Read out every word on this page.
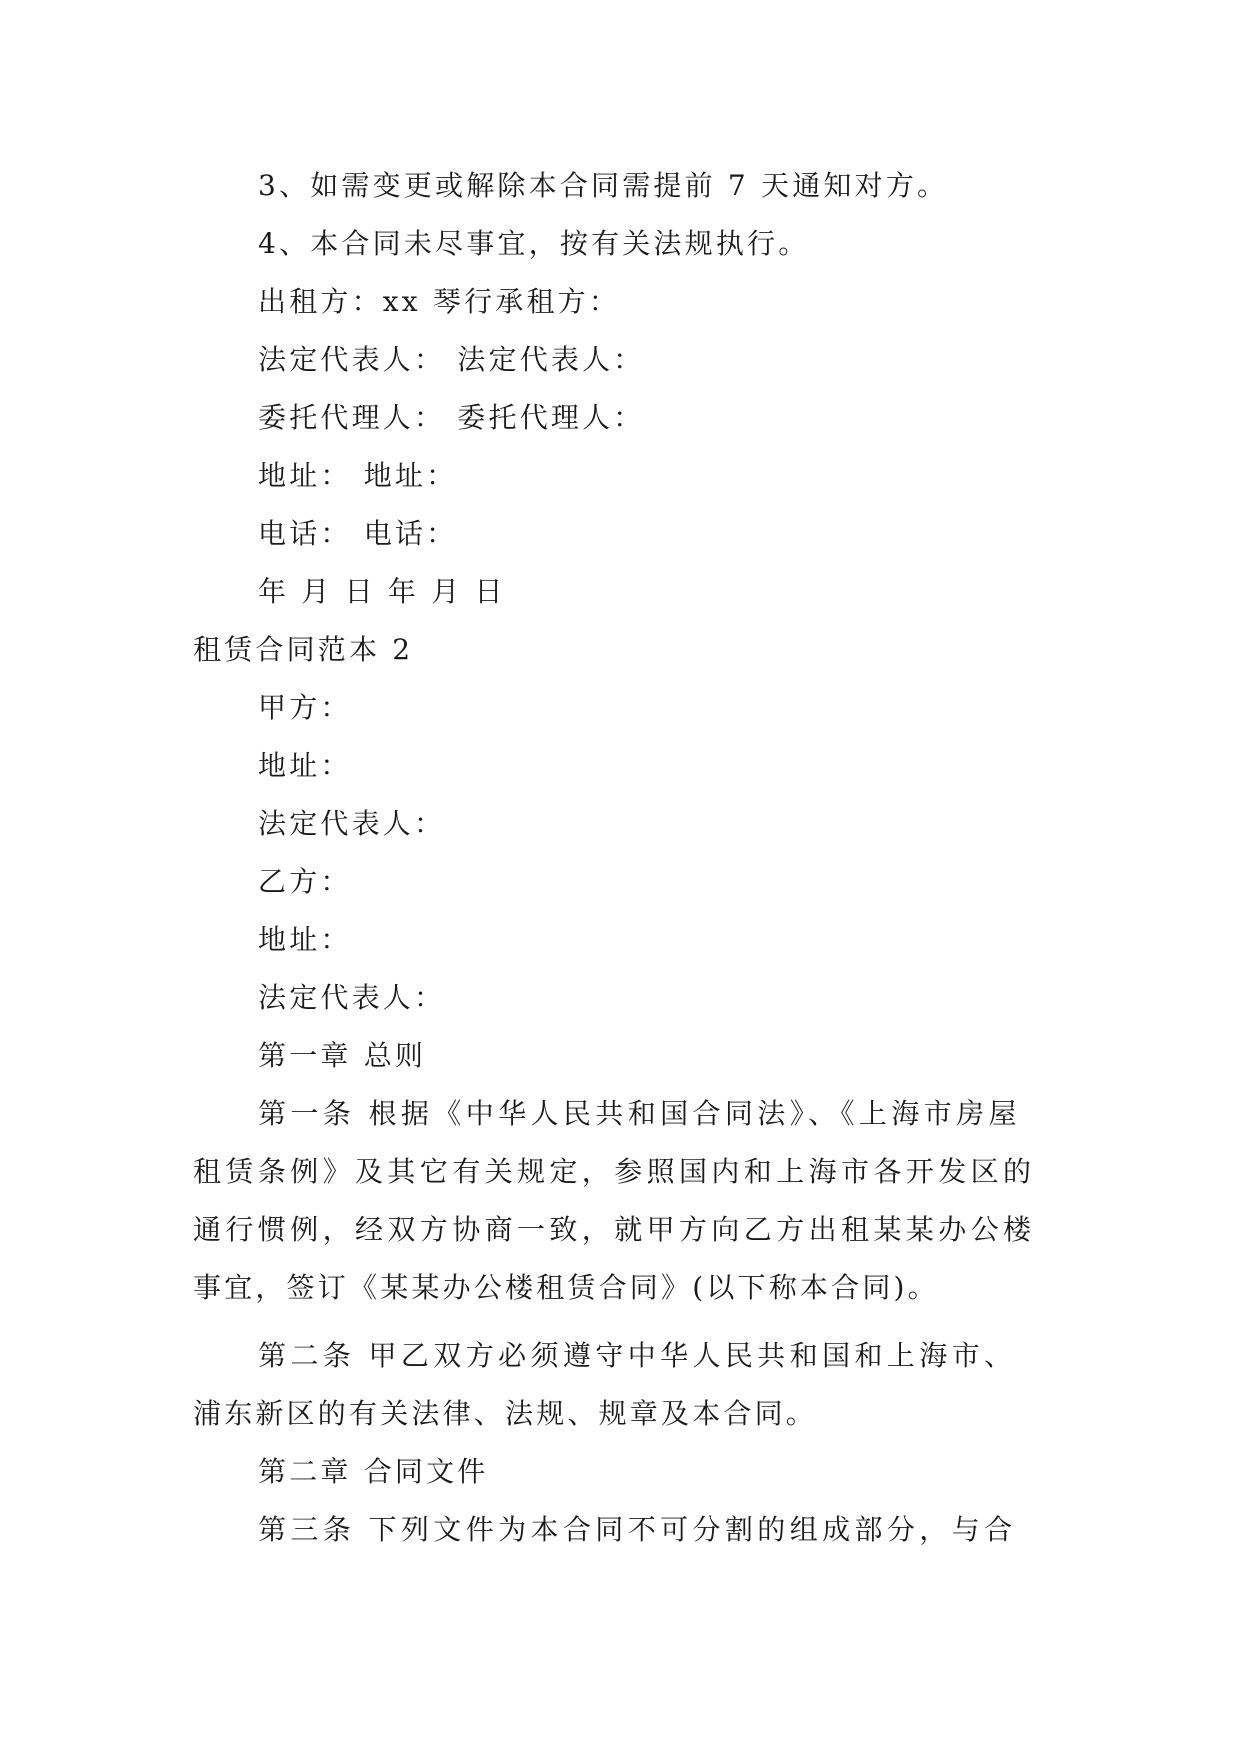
3、如需变更或解除本合同需提前 7 天通知对方。
4、本合同未尽事宜，按有关法规执行。
出租方：xx 琴行承租方：
法定代表人： 法定代表人：
委托代理人： 委托代理人：
地址： 地址：
电话： 电话：
年 月 日 年 月 日
租赁合同范本 2
甲方：
地址：
法定代表人：
乙方：
地址：
法定代表人：
第一章 总则
第一条 根据《中华人民共和国合同法》、《上海市房屋
租赁条例》及其它有关规定，参照国内和上海市各开发区的
通行惯例，经双方协商一致，就甲方向乙方出租某某办公楼
事宜，签订《某某办公楼租赁合同》(以下称本合同)。
第二条 甲乙双方必须遵守中华人民共和国和上海市、
浦东新区的有关法律、法规、规章及本合同。
第二章 合同文件
第三条 下列文件为本合同不可分割的组成部分，与合
